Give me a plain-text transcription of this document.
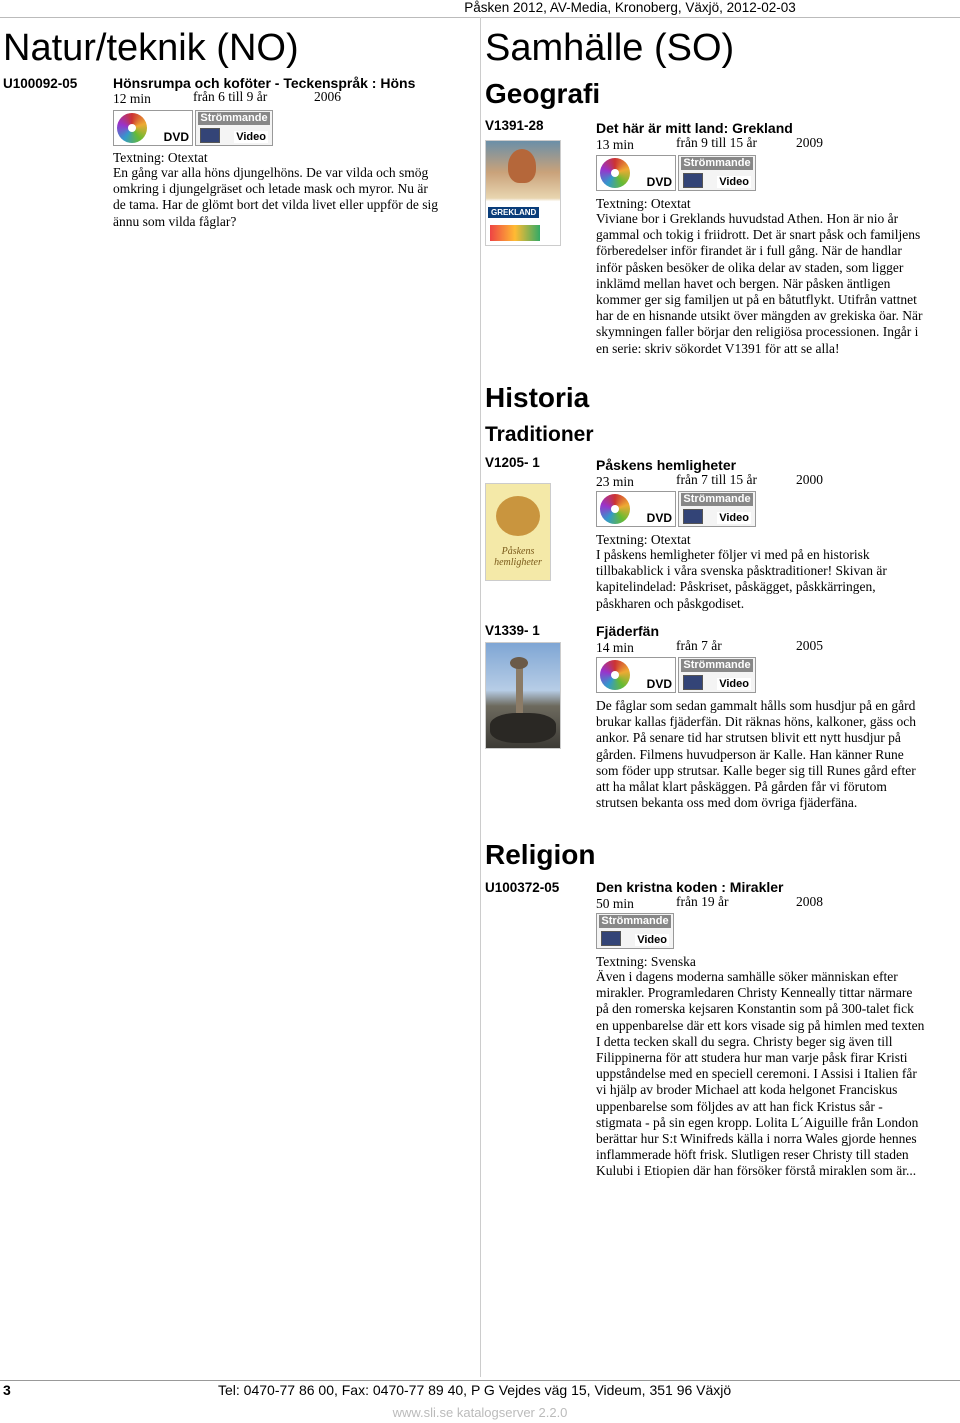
Påsken 2012, AV-Media, Kronoberg, Växjö, 2012-02-03
Natur/teknik (NO)
U100092-05	Hönsrumpa och koföter - Teckenspråk : Höns
12 min	från 6 till 9 år	2006
DVD
Strömmande
Video
Textning: Otextat
En gång var alla höns djungelhöns. De var vilda och smög omkring i djungelgräset och letade mask och myror. Nu är de tama. Har de glömt bort det vilda livet eller uppför de sig ännu som vilda fåglar?
Samhälle (SO)
Geografi
V1391-28
GREKLAND
Det här är mitt land: Grekland
13 min	från 9 till 15 år	2009
DVD
Strömmande
Video
Textning: Otextat
Viviane bor i Greklands huvudstad Athen. Hon är nio år gammal och tokig i friidrott. Det är snart påsk och familjens förberedelser inför firandet är i full gång. När de handlar inför påsken besöker de olika delar av staden, som ligger inklämd mellan havet och bergen. När påsken äntligen kommer ger sig familjen ut på en båtutflykt. Utifrån vattnet har de en hisnande utsikt över mängden av grekiska öar. När skymningen faller börjar den religiösa processionen. Ingår i en serie: skriv sökordet V1391 för att se alla!
Historia
Traditioner
V1205- 1
Påskens hemligheter
Påskens hemligheter
23 min	från 7 till 15 år	2000
DVD
Strömmande
Video
Textning: Otextat
I påskens hemligheter följer vi med på en historisk tillbakablick i våra svenska påsktraditioner! Skivan är kapitelindelad: Påskriset, påskägget, påskkärringen, påskharen och påskgodiset.
V1339- 1	Fjäderfän
14 min	från 7 år	2005
DVD
Strömmande
Video
De fåglar som sedan gammalt hålls som husdjur på en gård brukar kallas fjäderfän. Dit räknas höns, kalkoner, gäss och ankor. På senare tid har strutsen blivit ett nytt husdjur på gården. Filmens huvudperson är Kalle. Han känner Rune som föder upp strutsar. Kalle beger sig till Runes gård efter att ha målat klart påskäggen. På gården får vi förutom strutsen bekanta oss med dom övriga fjäderfäna.
Religion
U100372-05	Den kristna koden : Mirakler
50 min	från 19 år	2008
Strömmande
Video
Textning: Svenska
Även i dagens moderna samhälle söker människan efter mirakler. Programledaren Christy Kenneally tittar närmare på den romerska kejsaren Konstantin som på 300-talet fick en uppenbarelse där ett kors visade sig på himlen med texten I detta tecken skall du segra. Christy beger sig även till Filippinerna för att studera hur man varje påsk firar Kristi uppståndelse med en speciell ceremoni. I Assisi i Italien får vi hjälp av broder Michael att koda helgonet Franciskus uppenbarelse som följdes av att han fick Kristus sår - stigmata - på sin egen kropp. Lolita L´Aiguille från London berättar hur S:t Winifreds källa i norra Wales gjorde hennes inflammerade höft frisk. Slutligen reser Christy till staden Kulubi i Etiopien där han försöker förstå miraklen som är...
3	Tel: 0470-77 86 00, Fax: 0470-77 89 40, P G Vejdes väg 15, Videum, 351 96 Växjö
www.sli.se katalogserver 2.2.0
